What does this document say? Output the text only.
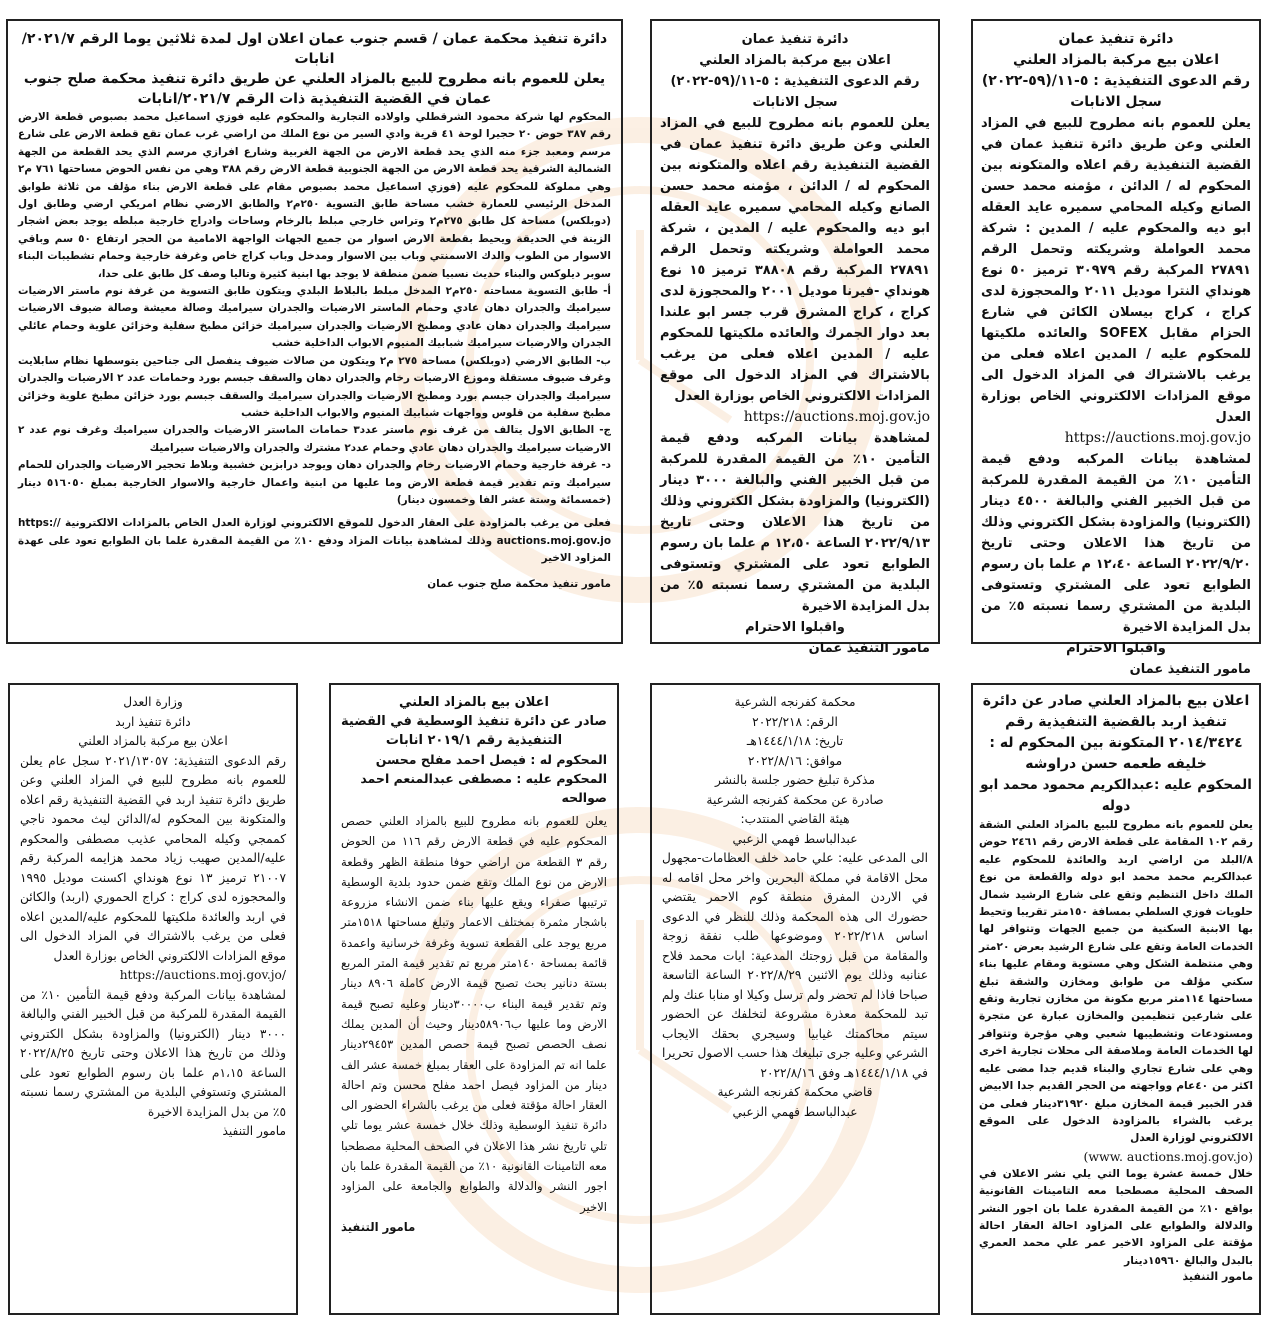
دائرة تنفيذ عمان

اعلان بيع مركبة بالمزاد العلني

رقم الدعوى التنفيذية : ٥-١١/(٥٩-٢٠٢٢) سجل الانابات

يعلن للعموم بانه مطروح للبيع في المزاد العلني وعن طريق دائرة تنفيذ عمان في القضية التنفيذية رقم اعلاه والمتكونه بين المحكوم له / الدائن ، مؤمنه محمد حسن الصانع وكيله المحامي سميره عايد العقله ابو ديه والمحكوم عليه / المدين : شركة محمد العواملة وشريكته وتحمل الرقم ٢٧٨٩١ المركبة رقم ٣٠٩٧٩ ترميز ٥٠ نوع هونداي النترا موديل ٢٠١١ والمحجوزة لدى كراج ، كراج بيسلان الكائن في شارع الحزام مقابل SOFEX والعائده ملكيتها للمحكوم عليه / المدين اعلاه فعلى من يرغب بالاشتراك في المزاد الدخول الى موقع المزادات الالكتروني الخاص بوزارة العدل

https://auctions.moj.gov.jo

لمشاهدة بيانات المركبه ودفع قيمة التأمين ١٠٪ من القيمة المقدرة للمركبة من قبل الخبير الفني والبالغة ٤٥٠٠ دينار (الكترونيا) والمزاودة بشكل الكتروني وذلك من تاريخ هذا الاعلان وحتى تاريخ ٢٠٢٢/٩/٢٠ الساعة ١٢،٤٠ م علما بان رسوم الطوابع تعود على المشتري وتستوفى البلدية من المشتري رسما نسبته ٥٪ من بدل المزايدة الاخيرة

واقبلوا الاحترام

مامور التنفيذ عمان

دائرة تنفيذ عمان

اعلان بيع مركبة بالمزاد العلني

رقم الدعوى التنفيذية : ٥-١١/(٥٩-٢٠٢٢)

سجل الانابات

يعلن للعموم بانه مطروح للبيع في المزاد العلني وعن طريق دائرة تنفيذ عمان في القضية التنفيذية رقم اعلاه والمتكونه بين المحكوم له / الدائن ، مؤمنه محمد حسن الصانع وكيله المحامي سميره عايد العقله ابو ديه والمحكوم عليه / المدين ، شركة محمد العواملة وشريكته وتحمل الرقم ٢٧٨٩١ المركبة رقم ٣٨٨٠٨ ترميز ١٥ نوع هونداي -فيرنا موديل ٢٠٠١ والمحجوزة لدى كراج ، كراج المشرق قرب جسر ابو علندا بعد دوار الجمرك والعائده ملكيتها للمحكوم عليه / المدين اعلاه فعلى من يرغب بالاشتراك في المزاد الدخول الى موقع المزادات الالكتروني الخاص بوزارة العدل

https://auctions.moj.gov.jo

لمشاهدة بيانات المركبه ودفع قيمة التأمين ١٠٪ من القيمة المقدرة للمركبة من قبل الخبير الفني والبالغة ٣٠٠٠ دينار (الكترونيا) والمزاودة بشكل الكتروني وذلك من تاريخ هذا الاعلان وحتى تاريخ ٢٠٢٢/٩/١٣ الساعة ١٢،٥٠ م علما بان رسوم الطوابع تعود على المشتري وتستوفى البلدية من المشتري رسما نسبته ٥٪ من بدل المزايدة الاخيرة

واقبلوا الاحترام

مامور التنفيذ عمان

دائرة تنفيذ محكمة عمان / قسم جنوب عمان اعلان اول لمدة ثلاثين يوما الرقم ٢٠٢١/٧/ انابات

يعلن للعموم بانه مطروح للبيع بالمزاد العلني عن طريق دائرة تنفيذ محكمة صلح جنوب عمان في القضية التنفيذية ذات الرقم ٢٠٢١/٧/انابات

المحكوم لها شركة محمود الشرقطلي واولاده التجارية والمحكوم عليه فوزي اسماعيل محمد بصبوص قطعة الارض رقم ٣٨٧ حوض ٢٠ حجيرا لوحة ٤١ قرية وادي السير من نوع الملك من اراضي غرب عمان تقع قطعة الارض على شارع مرسم ومعبد جزء منه الذي يحد قطعة الارض من الجهة الغربية وشارع افرازي مرسم الذي يحد القطعة من الجهة الشمالية الشرقية يحد قطعة الارض من الجهة الجنوبية قطعة الارض رقم ٣٨٨ وهي من نفس الحوض مساحتها ٧٦١ م٢ وهي مملوكة للمحكوم عليه (فوزي اسماعيل محمد بصبوص مقام على قطعة الارض بناء مؤلف من ثلاثة طوابق المدخل الرئيسي للعمارة خشب مساحة طابق التسوية ٢٥٠م٢ والطابق الارضي نظام امريكي ارضي وطابق اول (دوبلكس) مساحة كل طابق ٢٧٥م٢ وتراس خارجي مبلط بالرخام وساحات وادراج خارجية مبلطه يوجد بعض اشجار الزينة في الحديقة ويحيط بقطعة الارض اسوار من جميع الجهات الواجهة الامامية من الحجر ارتفاع ٥٠ سم وباقي الاسوار من الطوب والدك الاسمنتي وباب بين الاسوار ومدخل وباب كراج خاص وغرفة خارجية وحمام تشطيبات البناء سوبر ديلوكس والبناء حديث نسبيا ضمن منطقة لا يوجد بها ابنية كثيرة وتاليا وصف كل طابق على حدا،

أ- طابق التسوية مساحته ٢٥٠م٢ المدخل مبلط بالبلاط البلدي ويتكون طابق التسوية من غرفة نوم ماستر الارضيات سيراميك والجدران دهان عادي وحمام الماستر الارضيات والجدران سيراميك وصالة معيشة وصالة ضيوف الارضيات سيراميك والجدران دهان عادي ومطبخ الارضيات والجدران سيراميك خزائن مطبخ سفلية وخزائن علوية وحمام عائلي الجدران والارضيات سيراميك شبابيك المنيوم الابواب الداخلية خشب

ب- الطابق الارضي (دوبلكس) مساحة ٢٧٥ م٢ ويتكون من صالات ضيوف ينفصل الى جناحين يتوسطها نظام سابلايت وغرف ضيوف مستقلة وموزع الارضيات رخام والجدران دهان والسقف جبسم بورد وحمامات عدد ٢ الارضيات والجدران سيراميك والجدران جبسم بورد ومطبخ الارضيات والجدران سيراميك والسقف جبسم بورد خزائن مطبخ علوية وخزائن مطبخ سفلية من قلوس وواجهات شبابيك المنيوم والابواب الداخلية خشب

ج- الطابق الاول يتالف من غرف نوم ماستر عدد٣ حمامات الماستر الارضيات والجدران سيراميك وغرف نوم عدد ٢ الارضيات سيراميك والجدران دهان عادي وحمام عدد٢ مشترك والجدران والارضيات سيراميك

د- غرفة خارجية وحمام الارضيات رخام والجدران دهان ويوجد درابزين خشبية وبلاط تحجير الارضيات والجدران للحمام سيراميك وتم تقدير قيمة قطعة الارض وما عليها من ابنية واعمال خارجية والاسوار الخارجية بمبلغ ٥١٦٠٥٠ دينار (خمسمائة وستة عشر الفا وخمسون دينار)

فعلى من يرغب بالمزاودة على العقار الدخول للموقع الالكتروني لوزارة العدل الخاص بالمزادات الالكترونية https:// auctions.moj.gov.jo وذلك لمشاهدة بيانات المزاد ودفع ١٠٪ من القيمة المقدرة علما بان الطوابع تعود على عهدة المزاود الاخير

مامور تنفيذ محكمة صلح جنوب عمان

اعلان بيع بالمزاد العلني صادر عن دائرة تنفيذ اربد بالقضية التنفيذية رقم ٢٠١٤/٣٤٢٤ المتكونة بين المحكوم له :

خليفه طعمه حسن دراوشه

المحكوم عليه :عبدالكريم محمود محمد ابو دوله

يعلن للعموم بانه مطروح للبيع بالمزاد العلني الشقة رقم ١٠٢ المقامة على قطعة الارض رقم ٢٤٦١ حوض ٨/البلد من اراضي اربد والعائدة للمحكوم عليه عبدالكريم محمد محمد ابو دوله والقطعة من نوع الملك داخل التنظيم وتقع على شارع الرشيد شمال حلويات فوزي السلطي بمسافة ١٥٠متر تقريبا وتحيط بها الابنية السكنية من جميع الجهات وتتوافر لها الخدمات العامة وتقع على شارع الرشيد بعرض ٢٠متر وهي منتظمة الشكل وهي مستوية ومقام عليها بناء سكني مؤلف من طوابق ومخازن والشقة تبلغ مساحتها ١١٤متر مربع مكونة من مخازن تجارية وتقع على شارعين تنظيمين والمخازن عبارة عن متجرة ومستودعات وتشطيبها شعبي وهي مؤجرة وتتوافر لها الخدمات العامة وملاصقة الى محلات تجارية اخرى وهي على شارع تجاري والبناء قديم جدا مضى عليه اكثر من ٤٠عام وواجهته من الحجر القديم جدا الابيض قدر الخبير قيمة المخازن مبلغ ٣١٩٢٠دينار فعلى من يرغب بالشراء بالمزاودة الدخول على الموقع الالكتروني لوزارة العدل

(www. auctions.moj.gov.jo)

خلال خمسة عشرة يوما التي يلي نشر الاعلان في الصحف المحلية مصطحبا معه التامينات القانونية بواقع ١٠٪ من القيمة المقدرة علما بان اجور النشر والدلالة والطوابع على المزاود احالة العقار احالة مؤقتة على المزاود الاخير عمر علي محمد العمري بالبدل والبالغ ١٥٩٦٠دينار

مامور التنفيذ

محكمة كفرنجه الشرعية

الرقم: ٢٠٢٢/٢١٨

تاريخ: ١٤٤٤/١/١٨هـ

موافق: ٢٠٢٢/٨/١٦

مذكرة تبليغ حضور جلسة بالنشر

صادرة عن محكمة كفرنجه الشرعية

هيئة القاضي المنتدب:

عبدالباسط فهمي الزعبي

الى المدعى عليه: علي حامد خلف العظامات-مجهول محل الاقامة في مملكة البحرين واخر محل اقامه له في الاردن المفرق منطقة كوم الاحمر يقتضي حضورك الى هذه المحكمة وذلك للنظر في الدعوى اساس ٢٠٢٢/٢١٨ وموضوعها طلب نفقة زوجة والمقامة من قبل زوجتك المدعية: ايات محمد فلاح عنانبه وذلك يوم الاثنين ٢٠٢٢/٨/٢٩ الساعة التاسعة صباحا فاذا لم تحضر ولم ترسل وكيلا او منابا عنك ولم تبد للمحكمة معذرة مشروعة لتخلفك عن الحضور سيتم محاكمتك غيابيا وسيجري بحقك الايجاب الشرعي وعليه جرى تبليغك هذا حسب الاصول تحريرا في ١٤٤٤/١/١٨هـ وفق ٢٠٢٢/٨/١٦

قاضي محكمة كفرنجه الشرعية

عبدالباسط فهمي الزعبي

اعلان بيع بالمزاد العلني

صادر عن دائرة تنفيذ الوسطية في القضية التنفيذية رقم ٢٠١٩/١ انابات

المحكوم له : فيصل احمد مفلح محسن

المحكوم عليه : مصطفى عبدالمنعم احمد صوالحه

يعلن للعموم بانه مطروح للبيع بالمزاد العلني حصص المحكوم عليه في قطعة الارض رقم ١١٦ من الحوض رقم ٣ القطعة من اراضي حوفا منطقة الظهر وقطعة الارض من نوع الملك وتقع ضمن حدود بلدية الوسطية ترتيبها صفراء ويقع عليها بناء ضمن الانشاء مزروعة باشجار مثمرة بمختلف الاعمار وتبلغ مساحتها ١٥١٨متر مربع يوجد على القطعة تسوية وغرفة خرسانية واعمدة قائمة بمساحة ١٤٠متر مربع تم تقدير قيمة المتر المربع بستة دنانير بحث تصبح قيمة الارض كاملة ٨٩٠٦ دينار وتم تقدير قيمة البناء ب٣٠٠٠٠دينار وعليه تصبح قيمة الارض وما عليها ب٥٨٩٠٦دينار وحيث أن المدين يملك نصف الحصص تصبح قيمة حصص المدين ٢٩٤٥٣دينار علما انه تم المزاودة على العقار بمبلغ خمسة عشر الف دينار من المزاود فيصل احمد مفلح محسن وتم احالة العقار احالة مؤقتة فعلى من يرغب بالشراء الحضور الى دائرة تنفيذ الوسطية وذلك خلال خمسة عشر يوما تلي تلي تاريخ نشر هذا الاعلان في الصحف المحلية مصطحبا معه التامينات القانونية ١٠٪ من القيمة المقدرة علما بان اجور النشر والدلالة والطوابع والجامعة على المزاود الاخير

مامور التنفيذ

وزارة العدل

دائرة تنفيذ اربد

اعلان بيع مركبة بالمزاد العلني

رقم الدعوى التنفيذية: ٢٠٢١/١٣٠٥٧ سجل عام يعلن للعموم بانه مطروح للبيع في المزاد العلني وعن طريق دائرة تنفيذ اربد في القضية التنفيذية رقم اعلاه والمتكونة بين المحكوم له/الدائن ليث محمود ناجي كممجي وكيله المحامي عذيب مصطفى والمحكوم عليه/المدين صهيب زياد محمد هزايمه المركبة رقم ٢١٠٠٧ ترميز ١٣ نوع هونداي اكسنت موديل ١٩٩٥ والمحجوزه لدى كراج : كراج الحموري (اربد) والكائن في اربد والعائدة ملكيتها للمحكوم عليه/المدين اعلاه فعلى من يرغب بالاشتراك في المزاد الدخول الى موقع المزادات الالكتروني الخاص بوزارة العدل

https://auctions.moj.gov.jo/

لمشاهدة بيانات المركبة ودفع قيمة التأمين ١٠٪ من القيمة المقدرة للمركبة من قبل الخبير الفني والبالغة ٣٠٠٠ دينار (الكترونيا) والمزاودة بشكل الكتروني وذلك من تاريخ هذا الاعلان وحتى تاريخ ٢٠٢٢/٨/٢٥ الساعة ١،١٥م علما بان رسوم الطوابع تعود على المشتري وتستوفي البلدية من المشتري رسما نسبته ٥٪ من بدل المزايدة الاخيرة

مامور التنفيذ
